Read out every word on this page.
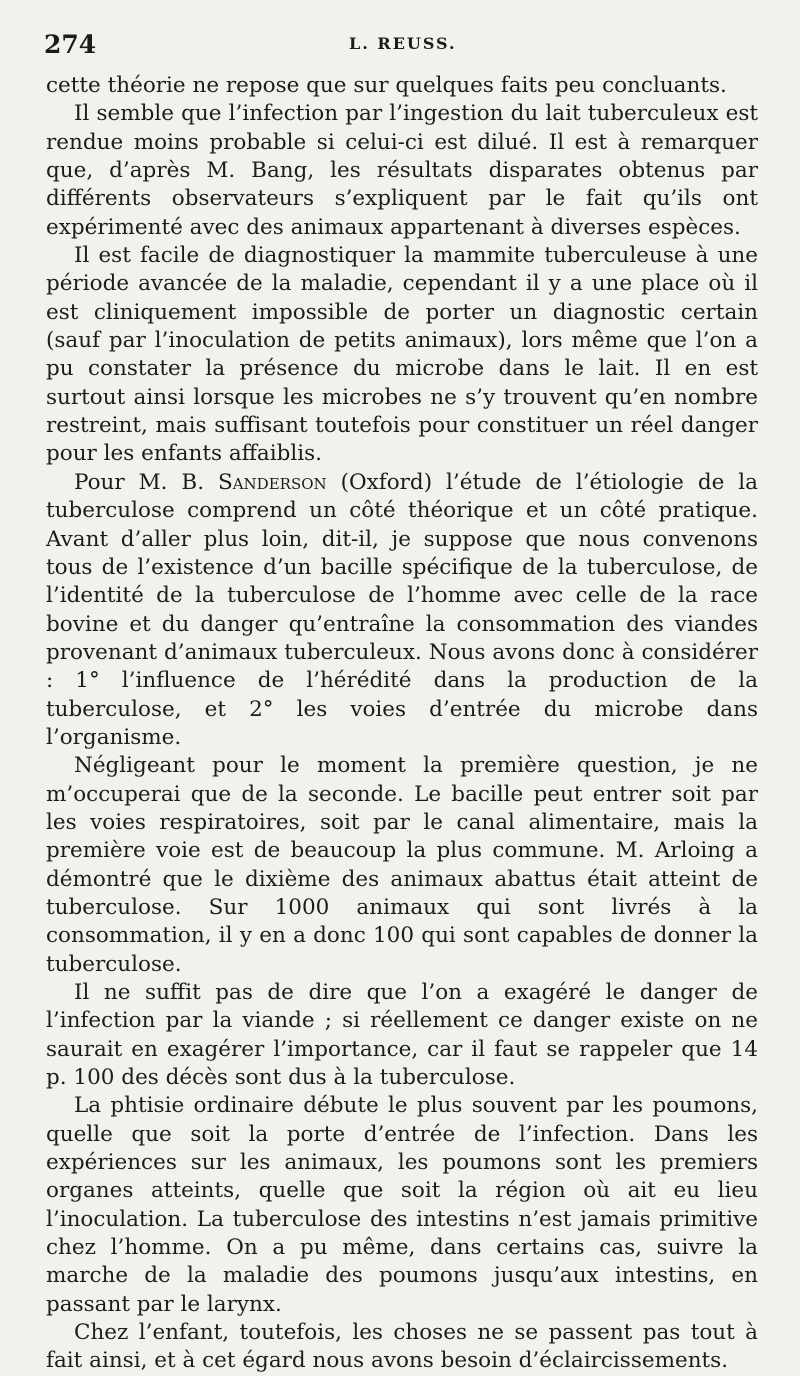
274	L. REUSS.

cette théorie ne repose que sur quelques faits peu concluants.

Il semble que l’infection par l’ingestion du lait tuberculeux est rendue moins probable si celui-ci est dilué. Il est à remarquer que, d’après M. Bang, les résultats disparates obtenus par différents observateurs s’expliquent par le fait qu’ils ont expérimenté avec des animaux appartenant à diverses espèces.

Il est facile de diagnostiquer la mammite tuberculeuse à une période avancée de la maladie, cependant il y a une place où il est cliniquement impossible de porter un diagnostic certain (sauf par l’inoculation de petits animaux), lors même que l’on a pu constater la présence du microbe dans le lait. Il en est surtout ainsi lorsque les microbes ne s’y trouvent qu’en nombre restreint, mais suffisant toutefois pour constituer un réel danger pour les enfants affaiblis.

Pour M. B. Sanderson (Oxford) l’étude de l’étiologie de la tuberculose comprend un côté théorique et un côté pratique. Avant d’aller plus loin, dit-il, je suppose que nous convenons tous de l’existence d’un bacille spécifique de la tuberculose, de l’identité de la tuberculose de l’homme avec celle de la race bovine et du danger qu’entraîne la consommation des viandes provenant d’animaux tuberculeux. Nous avons donc à considérer : 1° l’influence de l’hérédité dans la production de la tuberculose, et 2° les voies d’entrée du microbe dans l’organisme.

Négligeant pour le moment la première question, je ne m’occuperai que de la seconde. Le bacille peut entrer soit par les voies respiratoires, soit par le canal alimentaire, mais la première voie est de beaucoup la plus commune. M. Arloing a démontré que le dixième des animaux abattus était atteint de tuberculose. Sur 1000 animaux qui sont livrés à la consommation, il y en a donc 100 qui sont capables de donner la tuberculose.

Il ne suffit pas de dire que l’on a exagéré le danger de l’infection par la viande ; si réellement ce danger existe on ne saurait en exagérer l’importance, car il faut se rappeler que 14 p. 100 des décès sont dus à la tuberculose.

La phtisie ordinaire débute le plus souvent par les poumons, quelle que soit la porte d’entrée de l’infection. Dans les expériences sur les animaux, les poumons sont les premiers organes atteints, quelle que soit la région où ait eu lieu l’inoculation. La tuberculose des intestins n’est jamais primitive chez l’homme. On a pu même, dans certains cas, suivre la marche de la maladie des poumons jusqu’aux intestins, en passant par le larynx.

Chez l’enfant, toutefois, les choses ne se passent pas tout à fait ainsi, et à cet égard nous avons besoin d’éclaircissements.
